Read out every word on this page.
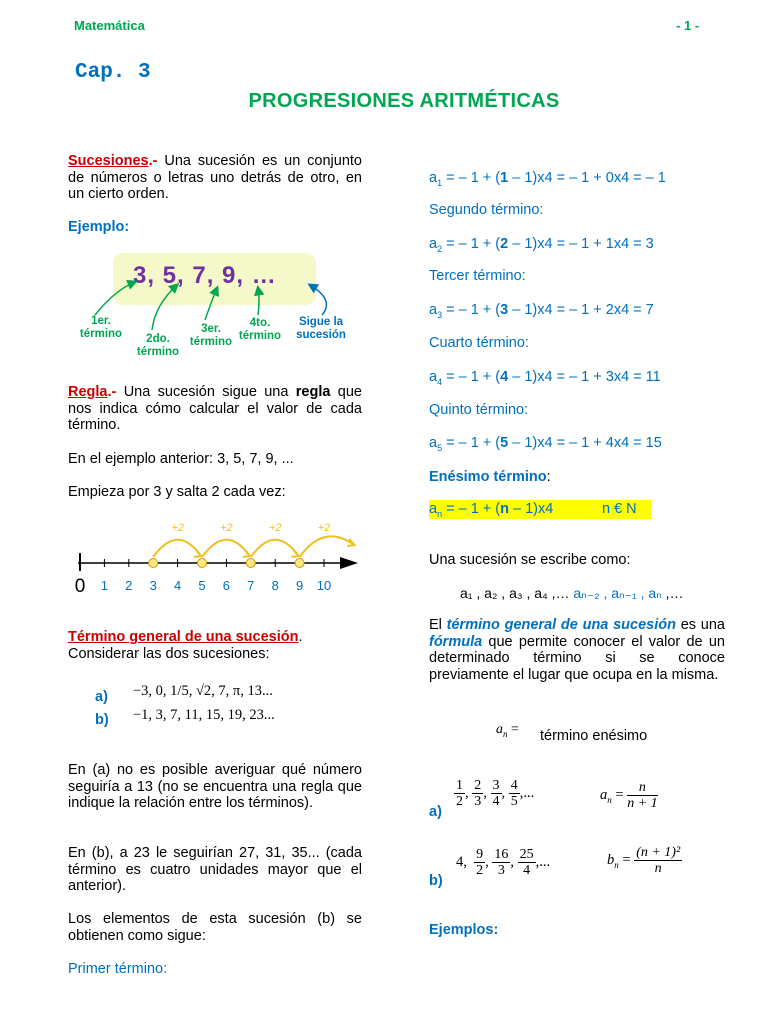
Matemática	- 1 -
Cap. 3
PROGRESIONES ARITMÉTICAS
Sucesiones.- Una sucesión es un conjunto de números o letras uno detrás de otro, en un cierto orden.
Ejemplo:
3, 5, 7, 9, …
1er. término	2do. término
3er. término
4to. término
Sigue la sucesión
Regla.- Una sucesión sigue una regla que nos indica cómo calcular el valor de cada término.
En el ejemplo anterior: 3, 5, 7, 9, ...
Empieza por 3 y salta 2 cada vez:
+2	+2	+2	+2
0 1 2 3 4 5 6 7 8 9 10
Término general de una sucesión.
Considerar las dos sucesiones:
a) −3, 0, 1/5, √2, 7, π, 13...
b) −1, 3, 7, 11, 15, 19, 23...
En (a) no es posible averiguar qué número seguiría a 13 (no se encuentra una regla que indique la relación entre los términos).
En (b), a 23 le seguirían 27, 31, 35... (cada término es cuatro unidades mayor que el anterior).
Los elementos de esta sucesión (b) se obtienen como sigue:
Primer término:
$a_1$ = – 1 + (1 – 1)x4 = – 1 + 0x4 = – 1
Segundo término:
$a_2$ = – 1 + (2 – 1)x4 = – 1 + 1x4 = 3
Tercer término:
$a_3$ = – 1 + (3 – 1)x4 = – 1 + 2x4 = 7
Cuarto término:
$a_4$ = – 1 + (4 – 1)x4 = – 1 + 3x4 = 11
Quinto término:
$a_5$ = – 1 + (5 – 1)x4 = – 1 + 4x4 = 15
Enésimo término:
$a_n$ = – 1 + (n – 1)x4	n € N
Una sucesión se escribe como:
a₁ , a₂ , a₃ , a₄ ,… aₙ₋₂ , aₙ₋₁ , aₙ ,…
El término general de una sucesión es una fórmula que permite conocer el valor de un determinado término si se conoce previamente el lugar que ocupa en la misma.
$a_n$ = término enésimo
a)
$\frac{1}{2}$ , $\frac{2}{3}$ , $\frac{3}{4}$ , $\frac{4}{5}$ ,...	$a_n = \frac{n}{n + 1}$
b)
4,
$\frac{9}{2}$ , $\frac{16}{3}$ , $\frac{25}{4}$ ,...	$b_n = \frac{\text{(n + 1)²}}{n}$
Ejemplos:
